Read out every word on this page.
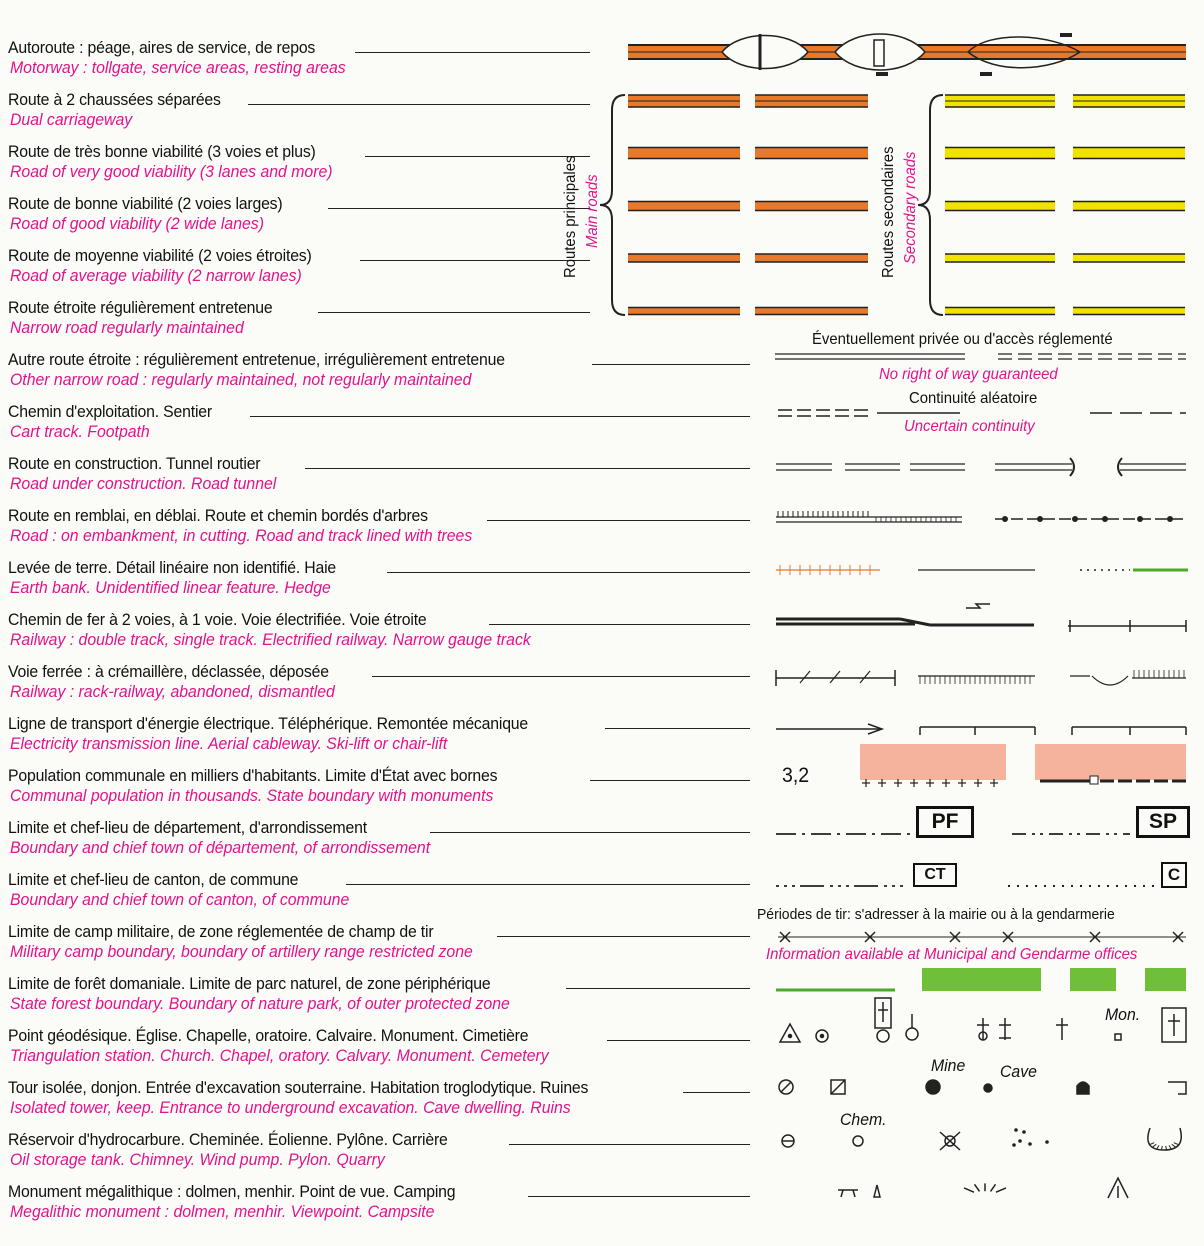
Autoroute : péage, aires de service, de repos
Motorway : tollgate, service areas, resting areas
Route à 2 chaussées séparées
Dual carriageway
Route de très bonne viabilité (3 voies et plus)
Road of very good viability (3 lanes and more)
Route de bonne viabilité (2 voies larges)
Road of good viability (2 wide lanes)
Route de moyenne viabilité (2 voies étroites)
Road of average viability (2 narrow lanes)
Route étroite régulièrement entretenue
Narrow road regularly maintained
Autre route étroite : régulièrement entretenue, irrégulièrement entretenue
Other narrow road : regularly maintained, not regularly maintained
Chemin d'exploitation. Sentier
Cart track. Footpath
Route en construction. Tunnel routier
Road under construction. Road tunnel
Route en remblai, en déblai. Route et chemin bordés d'arbres
Road : on embankment, in cutting. Road and track lined with trees
Levée de terre. Détail linéaire non identifié. Haie
Earth bank. Unidentified linear feature. Hedge
Chemin de fer à 2 voies, à 1 voie. Voie électrifiée. Voie étroite
Railway : double track, single track. Electrified railway. Narrow gauge track
Voie ferrée : à crémaillère, déclassée, déposée
Railway : rack-railway, abandoned, dismantled
Ligne de transport d'énergie électrique. Téléphérique. Remontée mécanique
Electricity transmission line. Aerial cableway. Ski-lift or chair-lift
Population communale en milliers d'habitants. Limite d'État avec bornes
Communal population in thousands. State boundary with monuments
Limite et chef-lieu de département, d'arrondissement
Boundary and chief town of département, of arrondissement
Limite et chef-lieu de canton, de commune
Boundary and chief town of canton, of commune
Limite de camp militaire, de zone réglementée de champ de tir
Military camp boundary, boundary of artillery range restricted zone
Limite de forêt domaniale. Limite de parc naturel, de zone périphérique
State forest boundary. Boundary of nature park, of outer protected zone
Point géodésique. Église. Chapelle, oratoire. Calvaire. Monument. Cimetière
Triangulation station. Church. Chapel, oratory. Calvary. Monument. Cemetery
Tour isolée, donjon. Entrée d'excavation souterraine. Habitation troglodytique. Ruines
Isolated tower, keep. Entrance to underground excavation. Cave dwelling. Ruins
Réservoir d'hydrocarbure. Cheminée. Éolienne. Pylône. Carrière
Oil storage tank. Chimney. Wind pump. Pylon. Quarry
Monument mégalithique : dolmen, menhir. Point de vue. Camping
Megalithic monument : dolmen, menhir. Viewpoint. Campsite
Routes principales Main roads	Routes secondaires Secondary roads
Éventuellement privée ou d'accès réglementé
No right of way guaranteed
Continuité aléatoire
Uncertain continuity
3,2
Périodes de tir: s'adresser à la mairie ou à la gendarmerie
Information available at Municipal and Gendarme offices
Mon.
Mine Cave
Chem.
PF	SP
CT	C
